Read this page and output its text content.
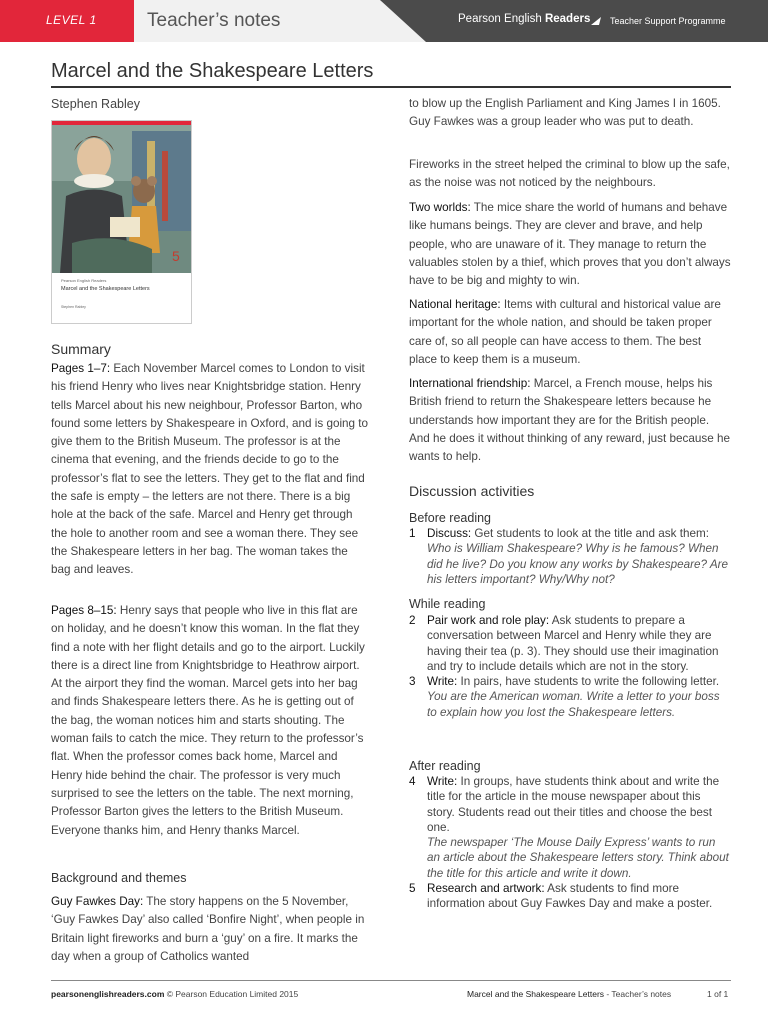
LEVEL 1	Teacher’s notes	Pearson English Readers Teacher Support Programme
Marcel and the Shakespeare Letters
Stephen Rabley
5
Pearson English Readers
Marcel and the Shakespeare Letters
Stephen Rabley
Summary

Pages 1–7: Each November Marcel comes to London to visit his friend Henry who lives near Knightsbridge station. Henry tells Marcel about his new neighbour, Professor Barton, who found some letters by Shakespeare in Oxford, and is going to give them to the British Museum. The professor is at the cinema that evening, and the friends decide to go to the professor’s flat to see the letters. They get to the flat and find the safe is empty – the letters are not there. There is a big hole at the back of the safe. Marcel and Henry get through the hole to another room and see a woman there. They see the Shakespeare letters in her bag. The woman takes the bag and leaves.

Pages 8–15: Henry says that people who live in this flat are on holiday, and he doesn’t know this woman. In the flat they find a note with her flight details and go to the airport. Luckily there is a direct line from Knightsbridge to Heathrow airport. At the airport they find the woman. Marcel gets into her bag and finds Shakespeare letters there. As he is getting out of the bag, the woman notices him and starts shouting. The woman fails to catch the mice. They return to the professor’s flat. When the professor comes back home, Marcel and Henry hide behind the chair. The professor is very much surprised to see the letters on the table. The next morning, Professor Barton gives the letters to the British Museum. Everyone thanks him, and Henry thanks Marcel.

Background and themes

Guy Fawkes Day: The story happens on the 5 November, ‘Guy Fawkes Day’ also called ‘Bonfire Night’, when people in Britain light fireworks and burn a ‘guy’ on a fire. It marks the day when a group of Catholics wanted

to blow up the English Parliament and King James I in 1605. Guy Fawkes was a group leader who was put to death.

Fireworks in the street helped the criminal to blow up the safe, as the noise was not noticed by the neighbours.

Two worlds: The mice share the world of humans and behave like humans beings. They are clever and brave, and help people, who are unaware of it. They manage to return the valuables stolen by a thief, which proves that you don’t always have to be big and mighty to win.

National heritage: Items with cultural and historical value are important for the whole nation, and should be taken proper care of, so all people can have access to them. The best place to keep them is a museum.

International friendship: Marcel, a French mouse, helps his British friend to return the Shakespeare letters because he understands how important they are for the British people. And he does it without thinking of any reward, just because he wants to help.

Discussion activities
Before reading

1 Discuss: Get students to look at the title and ask them: Who is William Shakespeare? Why is he famous? When did he live? Do you know any works by Shakespeare? Are his letters important? Why/Why not?

While reading

2 Pair work and role play: Ask students to prepare a conversation between Marcel and Henry while they are having their tea (p. 3). They should use their imagination and try to include details which are not in the story.

3 Write: In pairs, have students to write the following letter.
You are the American woman. Write a letter to your boss to explain how you lost the Shakespeare letters.

After reading

4 Write: In groups, have students think about and write the title for the article in the mouse newspaper about this story. Students read out their titles and choose the best one.
The newspaper ‘The Mouse Daily Express’ wants to run an article about the Shakespeare letters story. Think about the title for this article and write it down.

5 Research and artwork: Ask students to find more information about Guy Fawkes Day and make a poster.

pearsonenglishreaders.com © Pearson Education Limited 2015	Marcel and the Shakespeare Letters - Teacher’s notes	1 of 1
